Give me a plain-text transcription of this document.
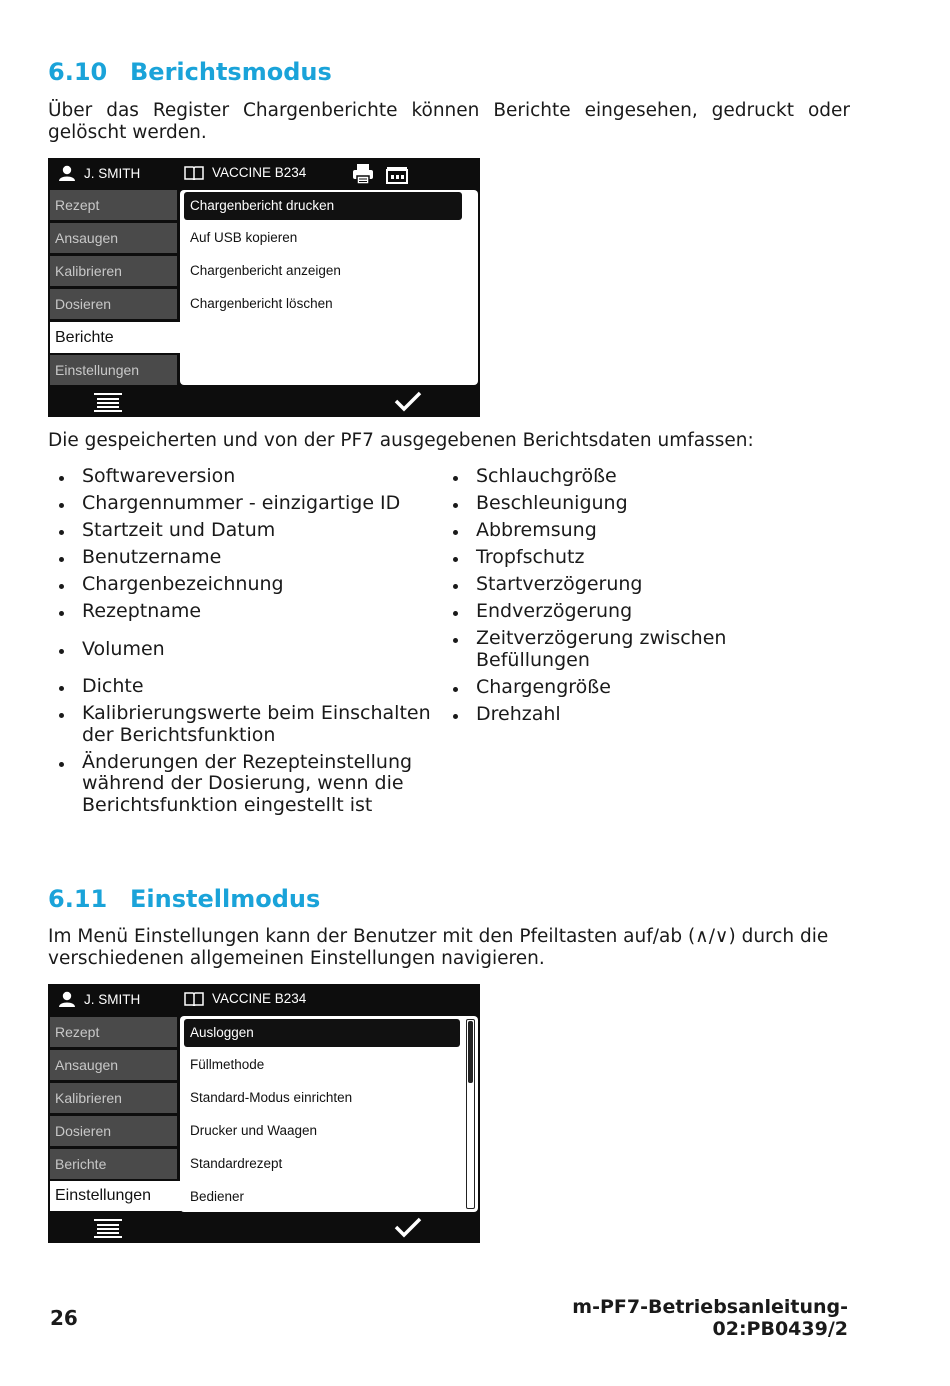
6.10 Berichtsmodus

Über das Register Chargenberichte können Berichte eingesehen, gedruckt oder gelöscht werden.

J. SMITH	VACCINE B234
Rezept
Ansaugen
Kalibrieren
Dosieren
Berichte
Einstellungen
Chargenbericht drucken
Auf USB kopieren
Chargenbericht anzeigen
Chargenbericht löschen

Die gespeicherten und von der PF7 ausgegebenen Berichtsdaten umfassen:

Softwareversion
Chargennummer - einzigartige ID
Startzeit und Datum
Benutzername
Chargenbezeichnung
Rezeptname
Volumen
Dichte
Kalibrierungswerte beim Einschalten der Berichtsfunktion
Änderungen der Rezepteinstellung während der Dosierung, wenn die Berichtsfunktion eingestellt ist
Schlauchgröße
Beschleunigung
Abbremsung
Tropfschutz
Startverzögerung
Endverzögerung
Zeitverzögerung zwischen Befüllungen
Chargengröße
Drehzahl
6.11 Einstellmodus

Im Menü Einstellungen kann der Benutzer mit den Pfeiltasten auf/ab (∧/∨) durch die verschiedenen allgemeinen Einstellungen navigieren.

J. SMITH	VACCINE B234
Rezept
Ansaugen
Kalibrieren
Dosieren
Berichte
Einstellungen
Ausloggen
Füllmethode
Standard-Modus einrichten
Drucker und Waagen
Standardrezept
Bediener
26	m-PF7-Betriebsanleitung-
02:PB0439/2
